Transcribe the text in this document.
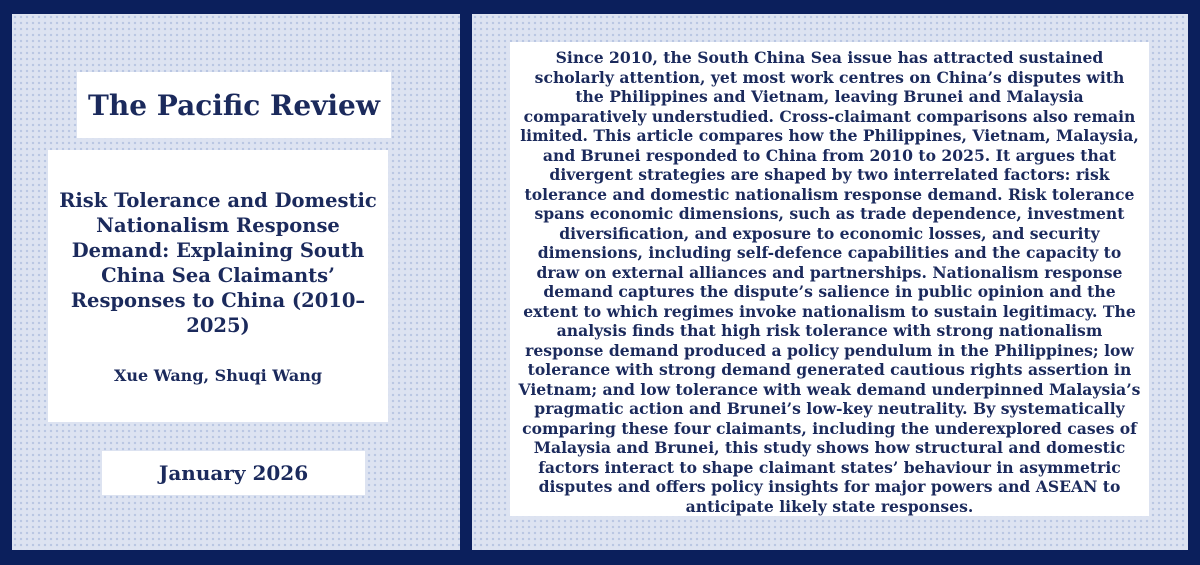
The Pacific Review
Risk Tolerance and Domestic Nationalism Response Demand: Explaining South China Sea Claimants’ Responses to China (2010–2025)
Xue Wang, Shuqi Wang
January 2026
Since 2010, the South China Sea issue has attracted sustained scholarly attention, yet most work centres on China’s disputes with the Philippines and Vietnam, leaving Brunei and Malaysia comparatively understudied. Cross-claimant comparisons also remain limited. This article compares how the Philippines, Vietnam, Malaysia, and Brunei responded to China from 2010 to 2025. It argues that divergent strategies are shaped by two interrelated factors: risk tolerance and domestic nationalism response demand. Risk tolerance spans economic dimensions, such as trade dependence, investment diversification, and exposure to economic losses, and security dimensions, including self-defence capabilities and the capacity to draw on external alliances and partnerships. Nationalism response demand captures the dispute’s salience in public opinion and the extent to which regimes invoke nationalism to sustain legitimacy. The analysis finds that high risk tolerance with strong nationalism response demand produced a policy pendulum in the Philippines; low tolerance with strong demand generated cautious rights assertion in Vietnam; and low tolerance with weak demand underpinned Malaysia’s pragmatic action and Brunei’s low-key neutrality. By systematically comparing these four claimants, including the underexplored cases of Malaysia and Brunei, this study shows how structural and domestic factors interact to shape claimant states’ behaviour in asymmetric disputes and offers policy insights for major powers and ASEAN to anticipate likely state responses.
